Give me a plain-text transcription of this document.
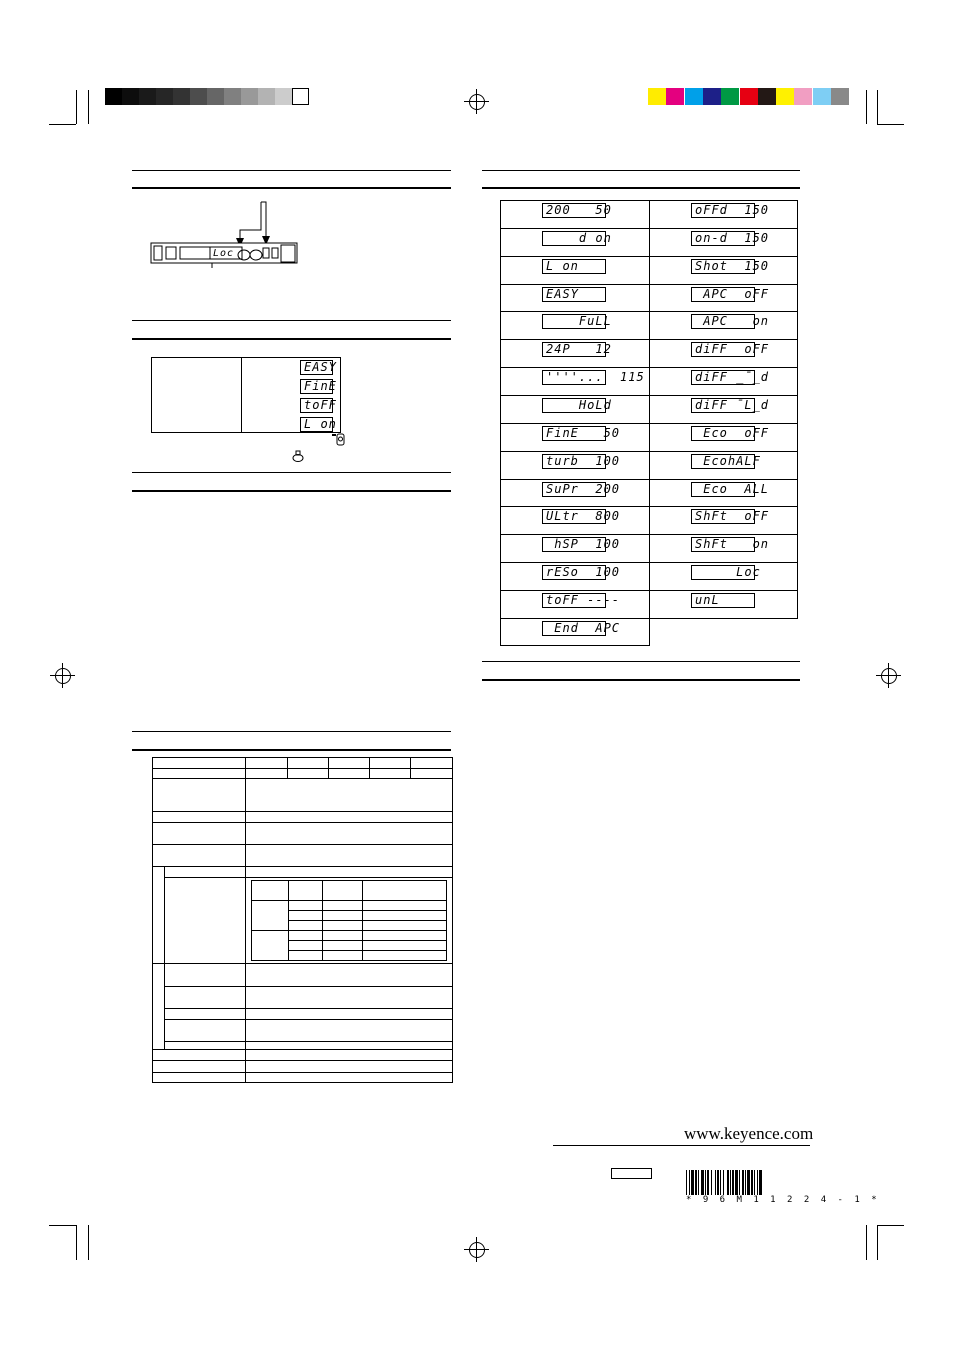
Loc
EASY
FinE
toFF
L on
200   50
d on
L on
EASY
FuLL
24P   12
''''...  115
HoLd
FinE   50
turb  100
SuPr  200
ULtr  800
hSP  100
rESo  100
toFF ----
End  APC
oFFd  150
on-d  150
Shot  150
APC  oFF
APC   on
diFF  oFF
diFF _¯_d
diFF ¯L_d
Eco  oFF
EcohALF
Eco  ALL
ShFt  oFF
ShFt   on
Loc
unL
www.keyence.com
* 9 6 M 1 1 2 2 4 - 1 *
